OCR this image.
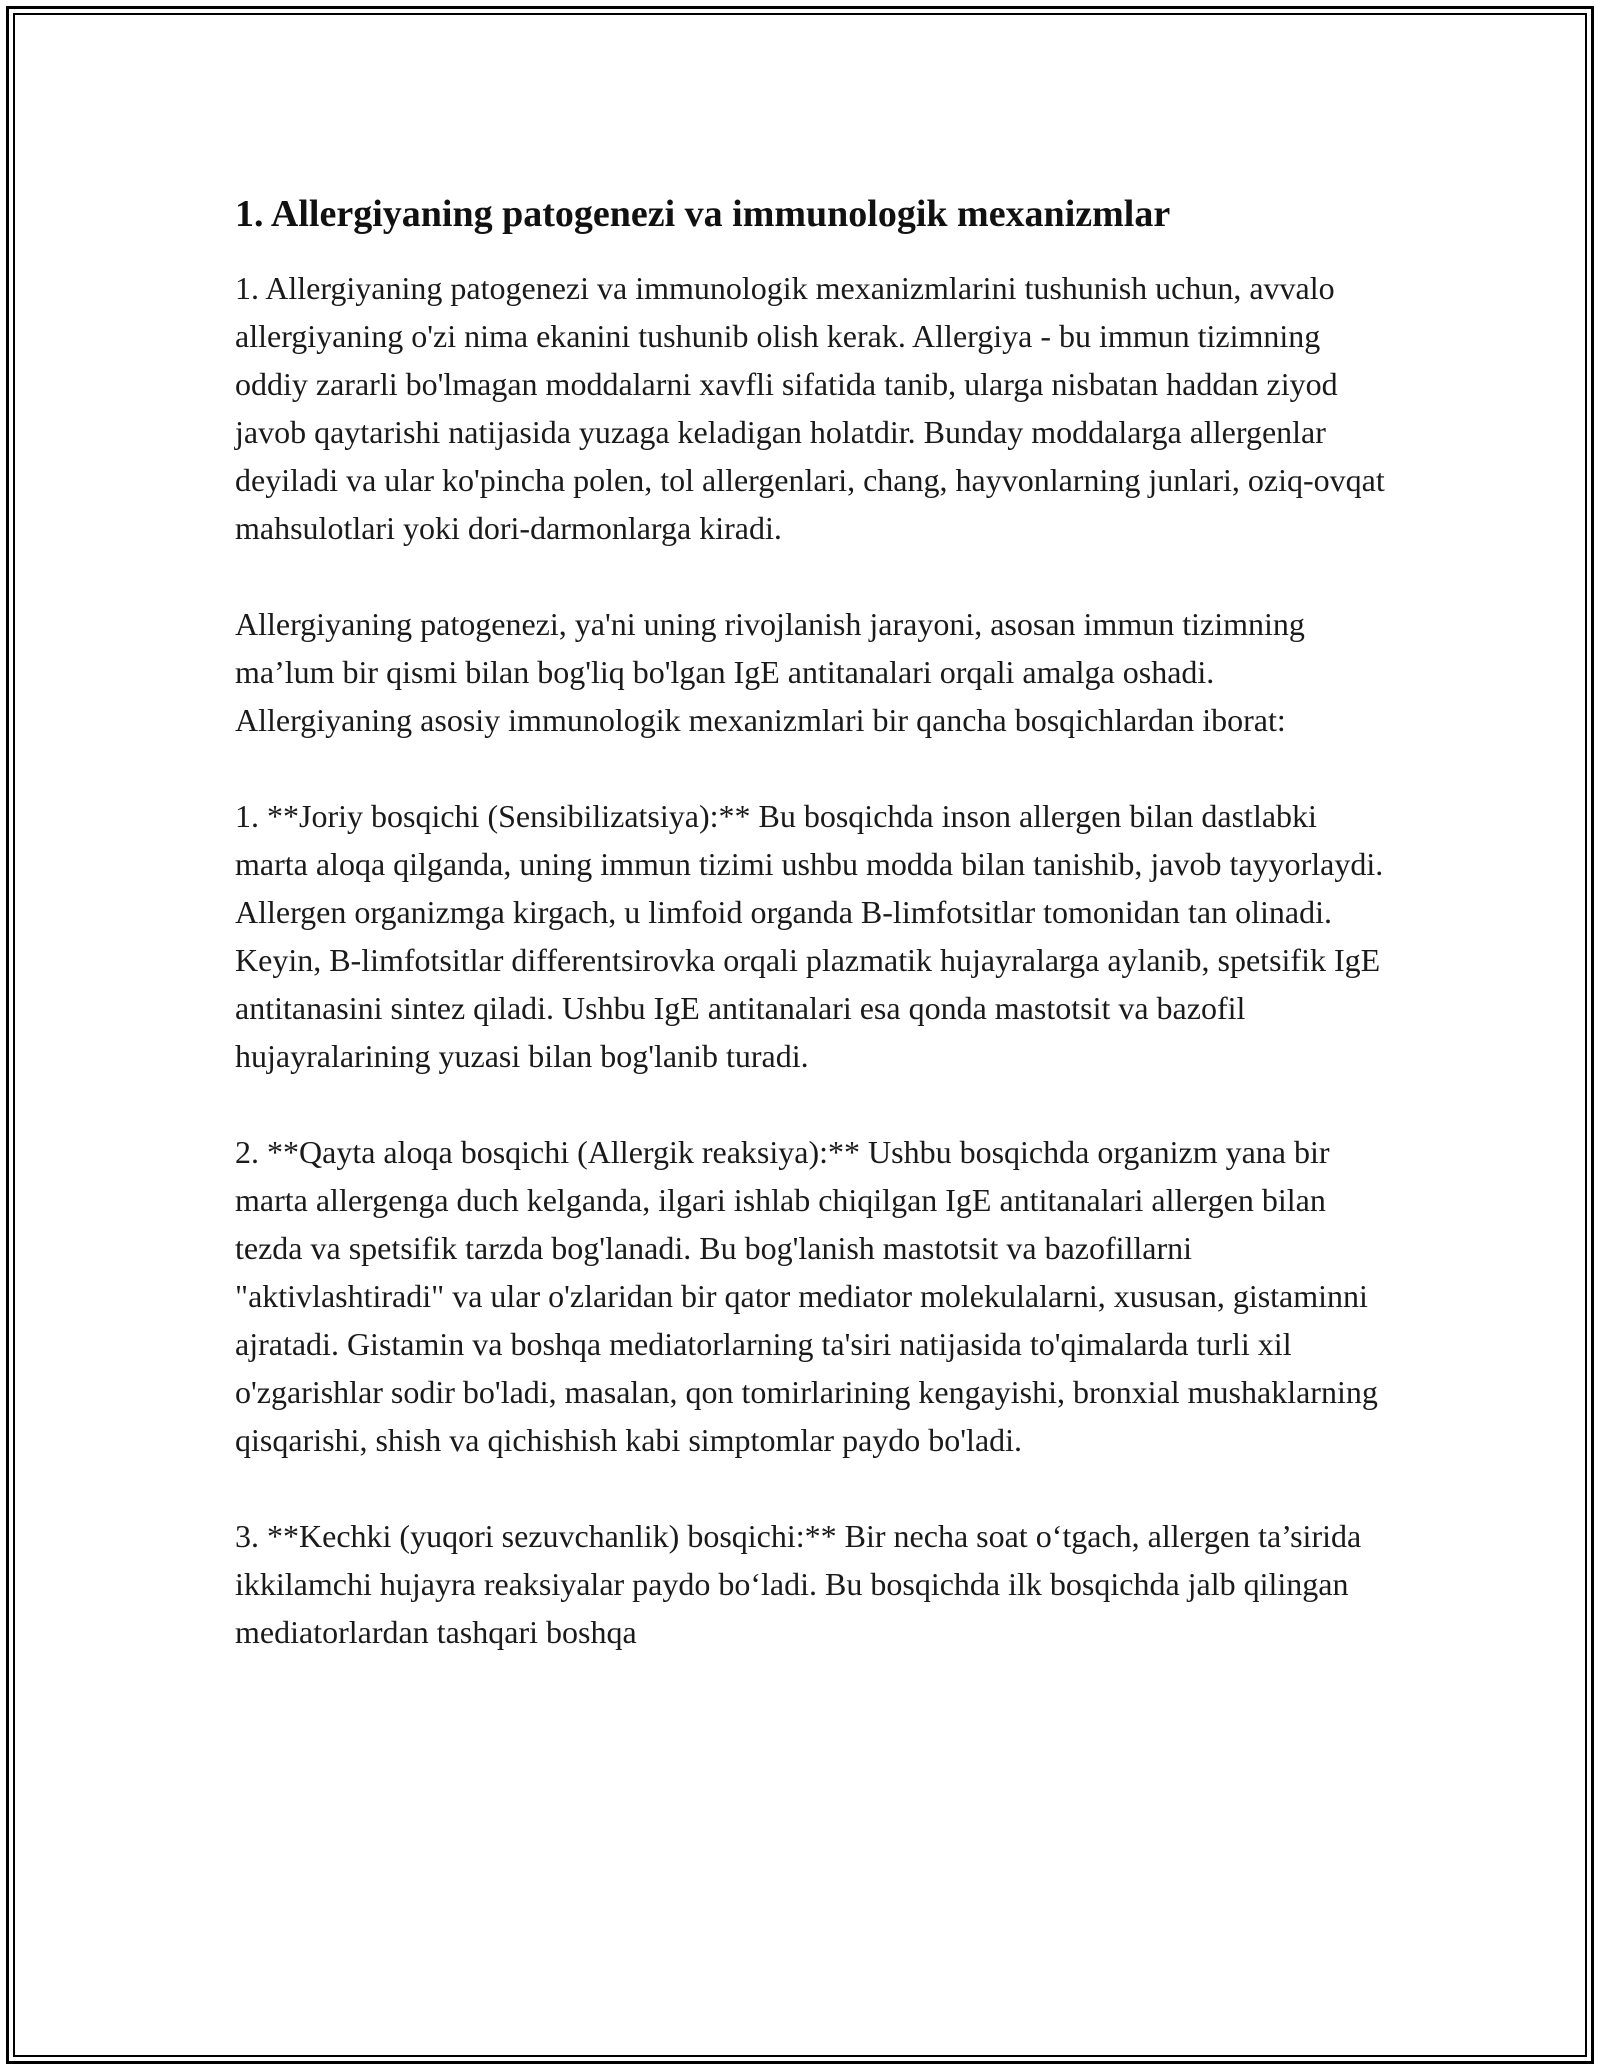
1. Allergiyaning patogenezi va immunologik mexanizmlar

1. Allergiyaning patogenezi va immunologik mexanizmlarini tushunish uchun, avvalo allergiyaning o'zi nima ekanini tushunib olish kerak. Allergiya - bu immun tizimning oddiy zararli bo'lmagan moddalarni xavfli sifatida tanib, ularga nisbatan haddan ziyod javob qaytarishi natijasida yuzaga keladigan holatdir. Bunday moddalarga allergenlar deyiladi va ular ko'pincha polen, tol allergenlari, chang, hayvonlarning junlari, oziq-ovqat mahsulotlari yoki dori-darmonlarga kiradi.

Allergiyaning patogenezi, ya'ni uning rivojlanish jarayoni, asosan immun tizimning ma’lum bir qismi bilan bog'liq bo'lgan IgE antitanalari orqali amalga oshadi. Allergiyaning asosiy immunologik mexanizmlari bir qancha bosqichlardan iborat:

1. **Joriy bosqichi (Sensibilizatsiya):** Bu bosqichda inson allergen bilan dastlabki marta aloqa qilganda, uning immun tizimi ushbu modda bilan tanishib, javob tayyorlaydi. Allergen organizmga kirgach, u limfoid organda B-limfotsitlar tomonidan tan olinadi. Keyin, B-limfotsitlar differentsirovka orqali plazmatik hujayralarga aylanib, spetsifik IgE antitanasini sintez qiladi. Ushbu IgE antitanalari esa qonda mastotsit va bazofil hujayralarining yuzasi bilan bog'lanib turadi.

2. **Qayta aloqa bosqichi (Allergik reaksiya):** Ushbu bosqichda organizm yana bir marta allergenga duch kelganda, ilgari ishlab chiqilgan IgE antitanalari allergen bilan tezda va spetsifik tarzda bog'lanadi. Bu bog'lanish mastotsit va bazofillarni "aktivlashtiradi" va ular o'zlaridan bir qator mediator molekulalarni, xususan, gistaminni ajratadi. Gistamin va boshqa mediatorlarning ta'siri natijasida to'qimalarda turli xil o'zgarishlar sodir bo'ladi, masalan, qon tomirlarining kengayishi, bronxial mushaklarning qisqarishi, shish va qichishish kabi simptomlar paydo bo'ladi.

3. **Kechki (yuqori sezuvchanlik) bosqichi:** Bir necha soat o‘tgach, allergen ta’sirida ikkilamchi hujayra reaksiyalar paydo bo‘ladi. Bu bosqichda ilk bosqichda jalb qilingan mediatorlardan tashqari boshqa
